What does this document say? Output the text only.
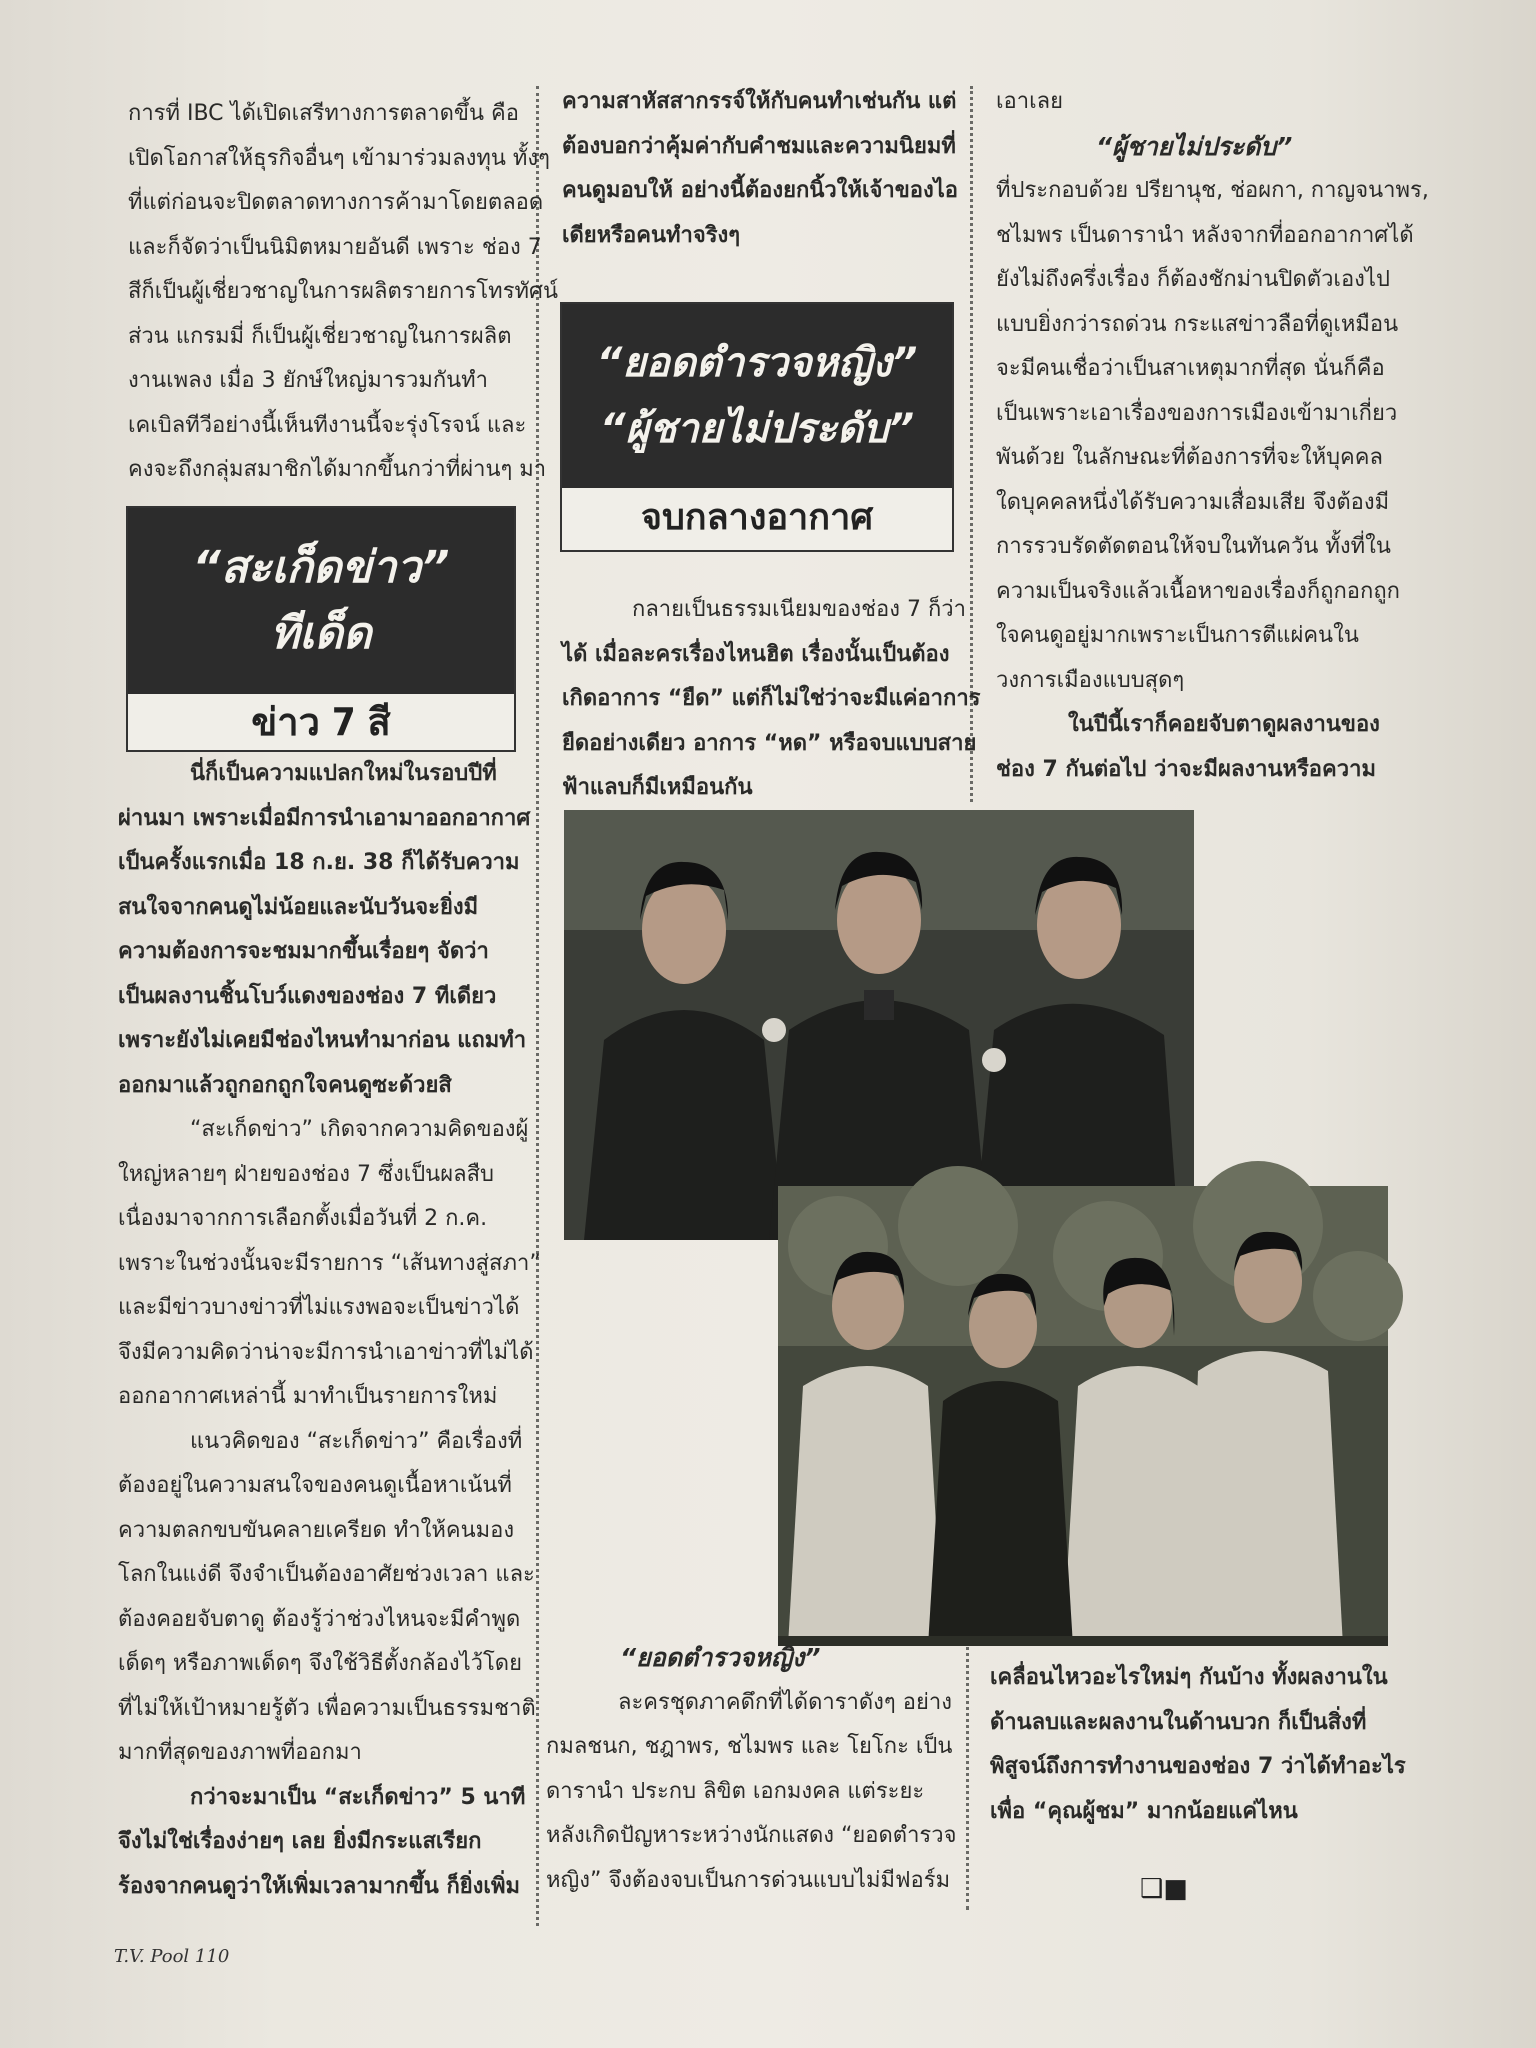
การที่ IBC ได้เปิดเสรีทางการตลาดขึ้น คือ
เปิดโอกาสให้ธุรกิจอื่นๆ เข้ามาร่วมลงทุน ทั้งๆ
ที่แต่ก่อนจะปิดตลาดทางการค้ามาโดยตลอด
และก็จัดว่าเป็นนิมิตหมายอันดี เพราะ ช่อง 7
สีก็เป็นผู้เชี่ยวชาญในการผลิตรายการโทรทัศน์
ส่วน แกรมมี่ ก็เป็นผู้เชี่ยวชาญในการผลิต
งานเพลง เมื่อ 3 ยักษ์ใหญ่มารวมกันทำ
เคเบิลทีวีอย่างนี้เห็นทีงานนี้จะรุ่งโรจน์ และ
คงจะถึงกลุ่มสมาชิกได้มากขึ้นกว่าที่ผ่านๆ มา
“สะเก็ดข่าว”
ทีเด็ด
ข่าว 7 สี

นี่ก็เป็นความแปลกใหม่ในรอบปีที่

ผ่านมา เพราะเมื่อมีการนำเอามาออกอากาศ
เป็นครั้งแรกเมื่อ 18 ก.ย. 38 ก็ได้รับความ
สนใจจากคนดูไม่น้อยและนับวันจะยิ่งมี
ความต้องการจะชมมากขึ้นเรื่อยๆ จัดว่า
เป็นผลงานชิ้นโบว์แดงของช่อง 7 ทีเดียว
เพราะยังไม่เคยมีช่องไหนทำมาก่อน แถมทำ
ออกมาแล้วถูกอกถูกใจคนดูซะด้วยสิ

“สะเก็ดข่าว” เกิดจากความคิดของผู้
ใหญ่หลายๆ ฝ่ายของช่อง 7 ซึ่งเป็นผลสืบ
เนื่องมาจากการเลือกตั้งเมื่อวันที่ 2 ก.ค.
เพราะในช่วงนั้นจะมีรายการ “เส้นทางสู่สภา”
และมีข่าวบางข่าวที่ไม่แรงพอจะเป็นข่าวได้
จึงมีความคิดว่าน่าจะมีการนำเอาข่าวที่ไม่ได้
ออกอากาศเหล่านี้ มาทำเป็นรายการใหม่

แนวคิดของ “สะเก็ดข่าว” คือเรื่องที่
ต้องอยู่ในความสนใจของคนดูเนื้อหาเน้นที่
ความตลกขบขันคลายเครียด ทำให้คนมอง
โลกในแง่ดี จึงจำเป็นต้องอาศัยช่วงเวลา และ
ต้องคอยจับตาดู ต้องรู้ว่าช่วงไหนจะมีคำพูด
เด็ดๆ หรือภาพเด็ดๆ จึงใช้วิธีตั้งกล้องไว้โดย
ที่ไม่ให้เป้าหมายรู้ตัว เพื่อความเป็นธรรมชาติ
มากที่สุดของภาพที่ออกมา

กว่าจะมาเป็น “สะเก็ดข่าว” 5 นาที
จึงไม่ใช่เรื่องง่ายๆ เลย ยิ่งมีกระแสเรียก
ร้องจากคนดูว่าให้เพิ่มเวลามากขึ้น ก็ยิ่งเพิ่ม

ความสาหัสสากรรจ์ให้กับคนทำเช่นกัน แต่
ต้องบอกว่าคุ้มค่ากับคำชมและความนิยมที่
คนดูมอบให้ อย่างนี้ต้องยกนิ้วให้เจ้าของไอ
เดียหรือคนทำจริงๆ
“ยอดตำรวจหญิง”
“ผู้ชายไม่ประดับ”
จบกลางอากาศ
กลายเป็นธรรมเนียมของช่อง 7 ก็ว่า
ได้ เมื่อละครเรื่องไหนฮิต เรื่องนั้นเป็นต้อง
เกิดอาการ “ยืด” แต่ก็ไม่ใช่ว่าจะมีแค่อาการ
ยืดอย่างเดียว อาการ “หด” หรือจบแบบสาย
ฟ้าแลบก็มีเหมือนกัน
เอาเลย
“ผู้ชายไม่ประดับ”
ที่ประกอบด้วย ปรียานุช, ช่อผกา, กาญจนาพร,
ชไมพร เป็นดารานำ หลังจากที่ออกอากาศได้
ยังไม่ถึงครึ่งเรื่อง ก็ต้องชักม่านปิดตัวเองไป
แบบยิ่งกว่ารถด่วน กระแสข่าวลือที่ดูเหมือน
จะมีคนเชื่อว่าเป็นสาเหตุมากที่สุด นั่นก็คือ
เป็นเพราะเอาเรื่องของการเมืองเข้ามาเกี่ยว
พันด้วย ในลักษณะที่ต้องการที่จะให้บุคคล
ใดบุคคลหนึ่งได้รับความเสื่อมเสีย จึงต้องมี
การรวบรัดตัดตอนให้จบในทันควัน ทั้งที่ใน
ความเป็นจริงแล้วเนื้อหาของเรื่องก็ถูกอกถูก
ใจคนดูอยู่มากเพราะเป็นการตีแผ่คนใน
วงการเมืองแบบสุดๆ
ในปีนี้เราก็คอยจับตาดูผลงานของ
ช่อง 7 กันต่อไป ว่าจะมีผลงานหรือความ
“ยอดตำรวจหญิง”
ละครชุดภาคดึกที่ได้ดาราดังๆ อย่าง
กมลชนก, ชฎาพร, ชไมพร และ โยโกะ เป็น
ดารานำ ประกบ ลิขิต เอกมงคล แต่ระยะ
หลังเกิดปัญหาระหว่างนักแสดง “ยอดตำรวจ
หญิง” จึงต้องจบเป็นการด่วนแบบไม่มีฟอร์ม
เคลื่อนไหวอะไรใหม่ๆ กันบ้าง ทั้งผลงานใน
ด้านลบและผลงานในด้านบวก ก็เป็นสิ่งที่
พิสูจน์ถึงการทำงานของช่อง 7 ว่าได้ทำอะไร
เพื่อ “คุณผู้ชม” มากน้อยแค่ไหน
❑■
T.V. Pool 110
